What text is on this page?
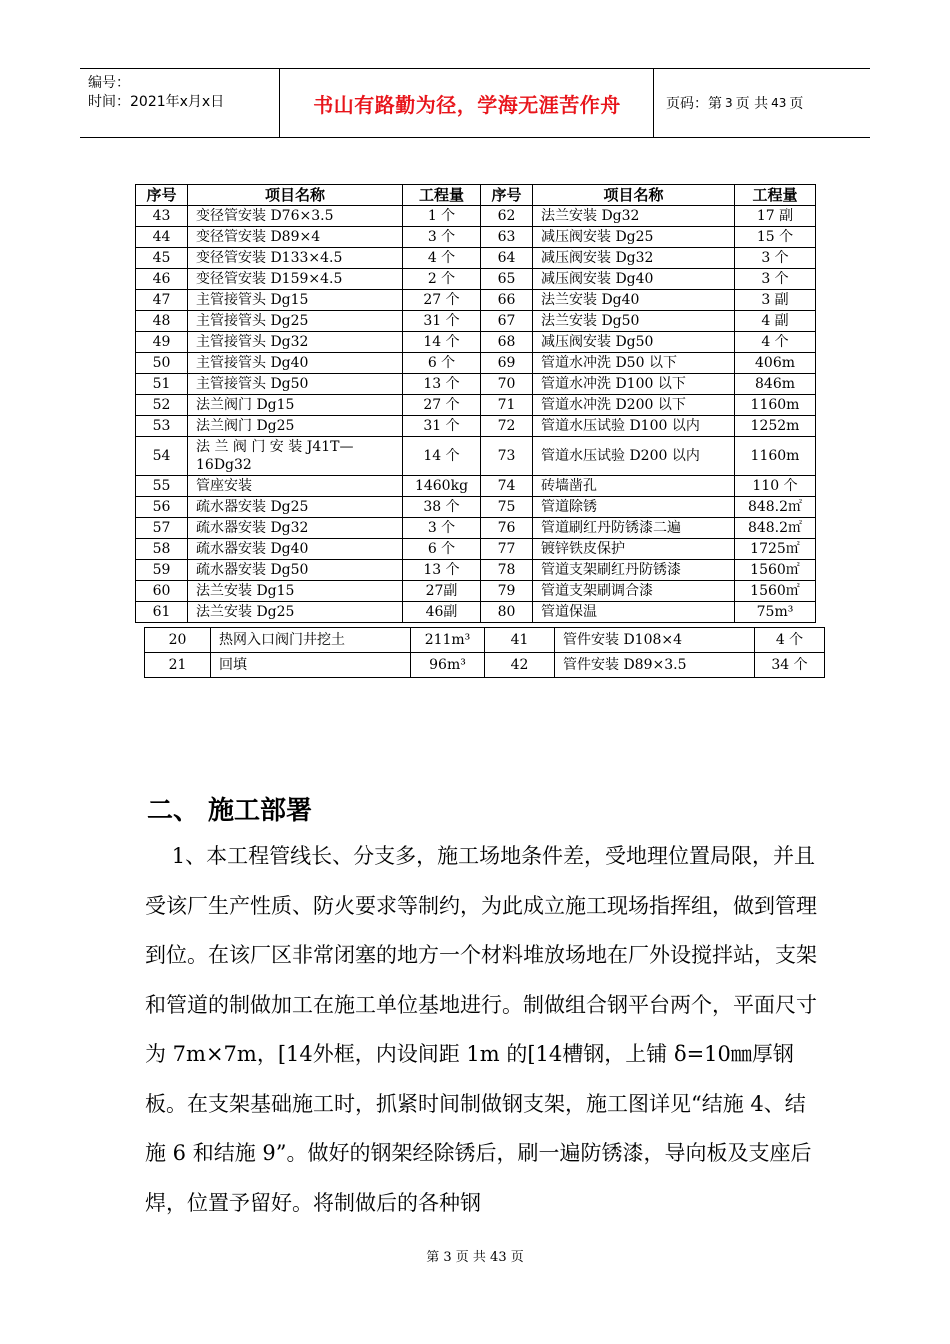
编号：
时间：2021年x月x日	书山有路勤为径，学海无涯苦作舟	页码：第 3 页 共 43 页
序号	项目名称	工程量	序号	项目名称	工程量
43	变径管安装 D76×3.5	1 个	62	法兰安装 Dg32	17 副
44	变径管安装 D89×4	3 个	63	减压阀安装 Dg25	15 个
45	变径管安装 D133×4.5	4 个	64	减压阀安装 Dg32	3 个
46	变径管安装 D159×4.5	2 个	65	减压阀安装 Dg40	3 个
47	主管接管头 Dg15	27 个	66	法兰安装 Dg40	3 副
48	主管接管头 Dg25	31 个	67	法兰安装 Dg50	4 副
49	主管接管头 Dg32	14 个	68	减压阀安装 Dg50	4 个
50	主管接管头 Dg40	6 个	69	管道水冲洗 D50 以下	406m
51	主管接管头 Dg50	13 个	70	管道水冲洗 D100 以下	846m
52	法兰阀门 Dg15	27 个	71	管道水冲洗 D200 以下	1160m
53	法兰阀门 Dg25	31 个	72	管道水压试验 D100 以内	1252m
54	法 兰 阀 门 安 装 J41T—16Dg32	14 个	73	管道水压试验 D200 以内	1160m
55	管座安装	1460kg	74	砖墙凿孔	110 个
56	疏水器安装 Dg25	38 个	75	管道除锈	848.2㎡
57	疏水器安装 Dg32	3 个	76	管道刷红丹防锈漆二遍	848.2㎡
58	疏水器安装 Dg40	6 个	77	镀锌铁皮保护	1725㎡
59	疏水器安装 Dg50	13 个	78	管道支架刷红丹防锈漆	1560㎡
60	法兰安装 Dg15	27副	79	管道支架刷调合漆	1560㎡
61	法兰安装 Dg25	46副	80	管道保温	75m³
20	热网入口阀门井挖土	211m³	41	管件安装 D108×4	4 个
21	回填	96m³	42	管件安装 D89×3.5	34 个
二、 施工部署

1、本工程管线长、分支多，施工场地条件差，受地理位置局限，并且受该厂生产性质、防火要求等制约，为此成立施工现场指挥组，做到管理到位。在该厂区非常闭塞的地方一个材料堆放场地在厂外设搅拌站，支架和管道的制做加工在施工单位基地进行。制做组合钢平台两个，平面尺寸为 7m×7m，[14外框，内设间距 1m 的[14槽钢，上铺 δ=10㎜厚钢板。在支架基础施工时，抓紧时间制做钢支架，施工图详见“结施 4、结施 6 和结施 9”。做好的钢架经除锈后，刷一遍防锈漆，导向板及支座后焊，位置予留好。将制做后的各种钢

第 3 页 共 43 页
